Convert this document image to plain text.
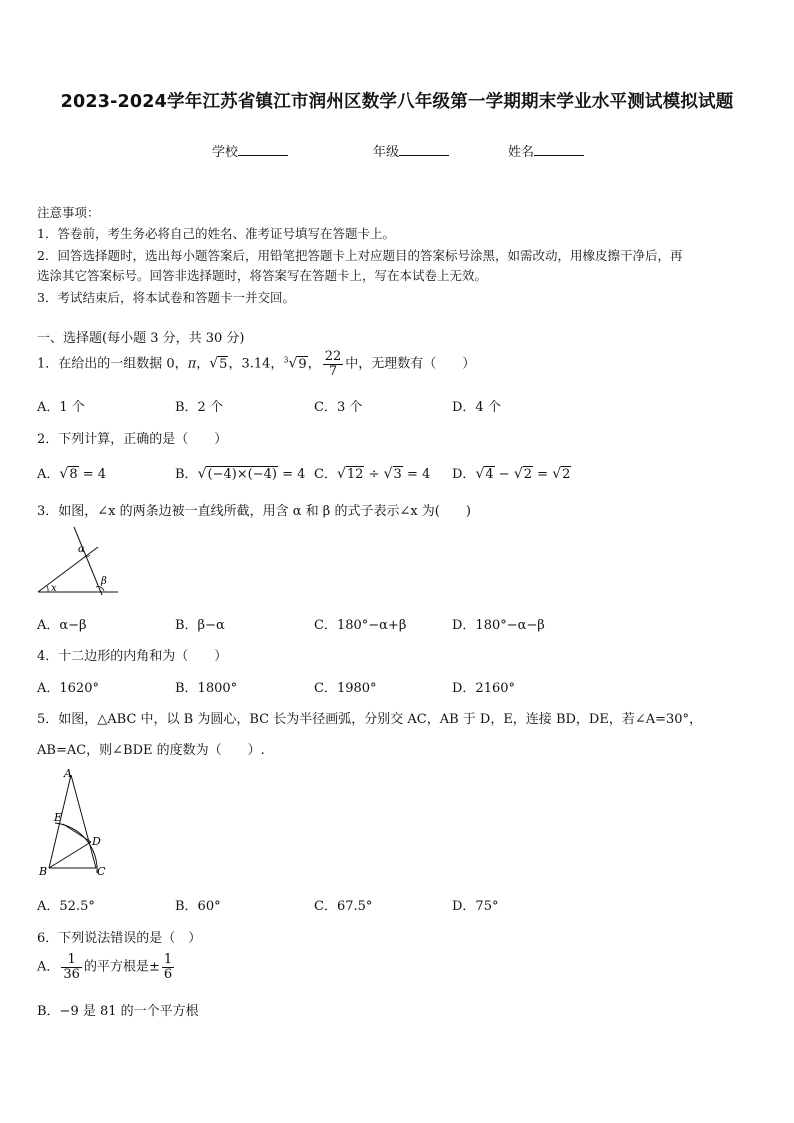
2023-2024学年江苏省镇江市润州区数学八年级第一学期期末学业水平测试模拟试题
学校	年级	姓名
注意事项：
1．答卷前，考生务必将自己的姓名、准考证号填写在答题卡上。
2．回答选择题时，选出每小题答案后，用铅笔把答题卡上对应题目的答案标号涂黑，如需改动，用橡皮擦干净后，再
选涂其它答案标号。回答非选择题时，将答案写在答题卡上，写在本试卷上无效。
3．考试结束后，将本试卷和答题卡一并交回。
一、选择题(每小题 3 分，共 30 分)
1．在给出的一组数据 0，π，√5，3.14，$^3$√9， $\frac{22}{7}$ 中，无理数有（　　）
A．1 个	B．2 个	C．3 个	D．4 个
2．下列计算，正确的是（　　）
A．√8 = 4	B．√(−4)×(−4) = 4 C．√12 ÷ √3 = 4 D．√4 − √2 = √2
3．如图，∠x 的两条边被一直线所截，用含 α 和 β 的式子表示∠x 为(　　)
α
β
x
A．α−β	B．β−α	C．180°−α+β	D．180°−α−β
4．十二边形的内角和为（　　）
A．1620°	B．1800°	C．1980°	D．2160°
5．如图，△ABC 中，以 B 为圆心，BC 长为半径画弧，分别交 AC，AB 于 D，E，连接 BD，DE，若∠A=30°，
AB=AC，则∠BDE 的度数为（　　）.
A
E
D
B	C
A．52.5°	B．60°	C．67.5°	D．75°
6．下列说法错误的是（　）
A． $\frac{1}{36}$ 的平方根是± $\frac{1}{6}$
B．−9 是 81 的一个平方根
